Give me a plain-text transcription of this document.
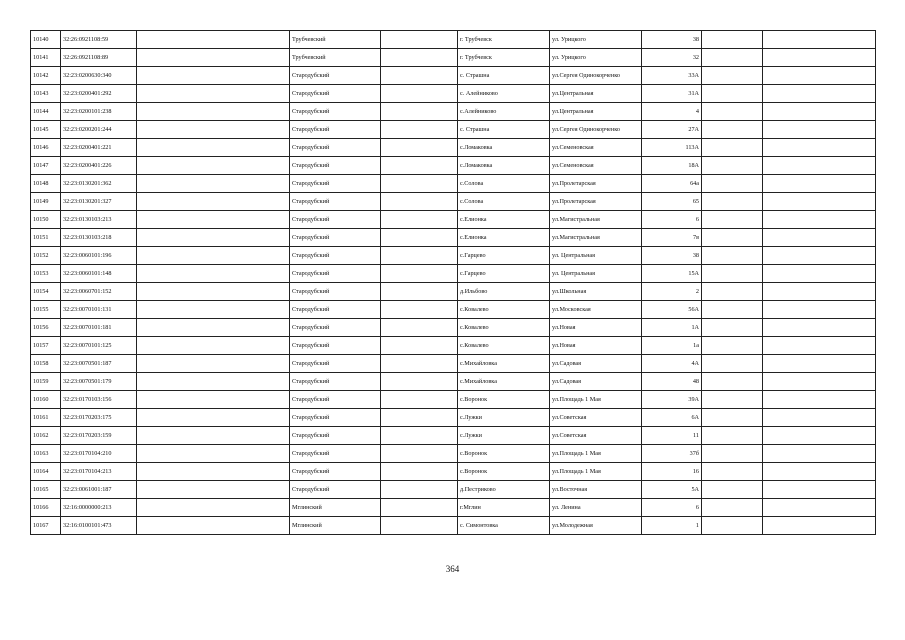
10140	32:26:0921108:59		Трубчевский		г. Трубчевск	ул. Урицкого	38		
10141	32:26:0921108:89		Трубчевский		г. Трубчевск	ул. Урицкого	32		
10142	32:23:0200630:340		Стародубский		с. Страшна	ул.Сергея Одинокорченко	33А		
10143	32:23:0200401:292		Стародубский		с. Алейниково	ул.Центральная	31А		
10144	32:23:0200101:238		Стародубский		с.Алейниково	ул.Центральная	4		
10145	32:23:0200201:244		Стародубский		с. Страшна	ул.Сергея Одинокорченко	27А		
10146	32:23:0200401:221		Стародубский		с.Ломаковка	ул.Семеновская	113А		
10147	32:23:0200401:226		Стародубский		с.Ломаковка	ул.Семеновская	18А		
10148	32:23:0130201:362		Стародубский		с.Солова	ул.Пролетарская	64а		
10149	32:23:0130201:327		Стародубский		с.Солова	ул.Пролетарская	65		
10150	32:23:0130103:213		Стародубский		с.Елионка	ул.Магистральная	6		
10151	32:23:0130103:218		Стародубский		с.Елионка	ул.Магистральная	7в		
10152	32:23:0060101:196		Стародубский		с.Гарцево	ул. Центральная	38		
10153	32:23:0060101:148		Стародубский		с.Гарцево	ул. Центральная	15А		
10154	32:23:0060701:152		Стародубский		д.Ильбово	ул.Школьная	2		
10155	32:23:0070101:131		Стародубский		с.Ковалево	ул.Московская	56А		
10156	32:23:0070101:181		Стародубский		с.Ковалево	ул.Новая	1А		
10157	32:23:0070101:125		Стародубский		с.Ковалево	ул.Новая	1а		
10158	32:23:0070501:187		Стародубский		с.Михайловка	ул.Садовая	4А		
10159	32:23:0070501:179		Стародубский		с.Михайловка	ул.Садовая	48		
10160	32:23:0170103:156		Стародубский		с.Воронок	ул.Площадь 1 Мая	39А		
10161	32:23:0170203:175		Стародубский		с.Лужки	ул.Советская	6А		
10162	32:23:0170203:159		Стародубский		с.Лужки	ул.Советская	11		
10163	32:23:0170104:210		Стародубский		с.Воронок	ул.Площадь 1 Мая	37б		
10164	32:23:0170104:213		Стародубский		с.Воронок	ул.Площадь 1 Мая	16		
10165	32:23:0061001:187		Стародубский		д.Пестриково	ул.Восточная	5А		
10166	32:16:0000000:213		Мглинский		г.Мглин	ул. Ленина	6		
10167	32:16:0100101:473		Мглинский		с. Симонтовка	ул.Молодежная	1		
364
